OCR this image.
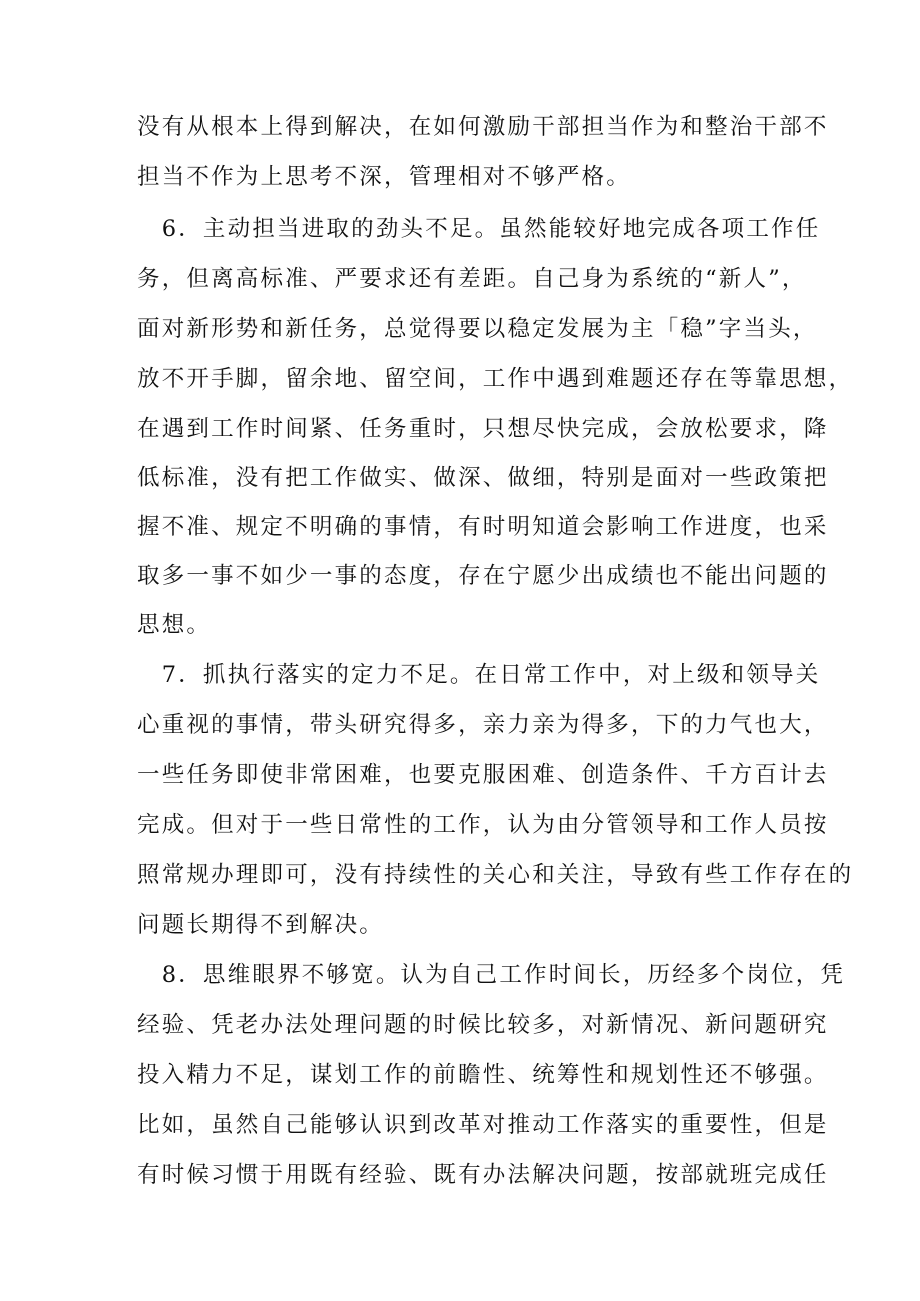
没有从根本上得到解决，在如何激励干部担当作为和整治干部不
担当不作为上思考不深，管理相对不够严格。
　6．主动担当进取的劲头不足。虽然能较好地完成各项工作任
务，但离高标准、严要求还有差距。自己身为系统的“新人”，
面对新形势和新任务，总觉得要以稳定发展为主「稳”字当头，
放不开手脚，留余地、留空间，工作中遇到难题还存在等靠思想，
在遇到工作时间紧、任务重时，只想尽快完成，会放松要求，降
低标准，没有把工作做实、做深、做细，特别是面对一些政策把
握不准、规定不明确的事情，有时明知道会影响工作进度，也采
取多一事不如少一事的态度，存在宁愿少出成绩也不能出问题的
思想。
　7．抓执行落实的定力不足。在日常工作中，对上级和领导关
心重视的事情，带头研究得多，亲力亲为得多，下的力气也大，
一些任务即使非常困难，也要克服困难、创造条件、千方百计去
完成。但对于一些日常性的工作，认为由分管领导和工作人员按
照常规办理即可，没有持续性的关心和关注，导致有些工作存在的
问题长期得不到解决。
　8．思维眼界不够宽。认为自己工作时间长，历经多个岗位，凭
经验、凭老办法处理问题的时候比较多，对新情况、新问题研究
投入精力不足，谋划工作的前瞻性、统筹性和规划性还不够强。
比如，虽然自己能够认识到改革对推动工作落实的重要性，但是
有时候习惯于用既有经验、既有办法解决问题，按部就班完成任
